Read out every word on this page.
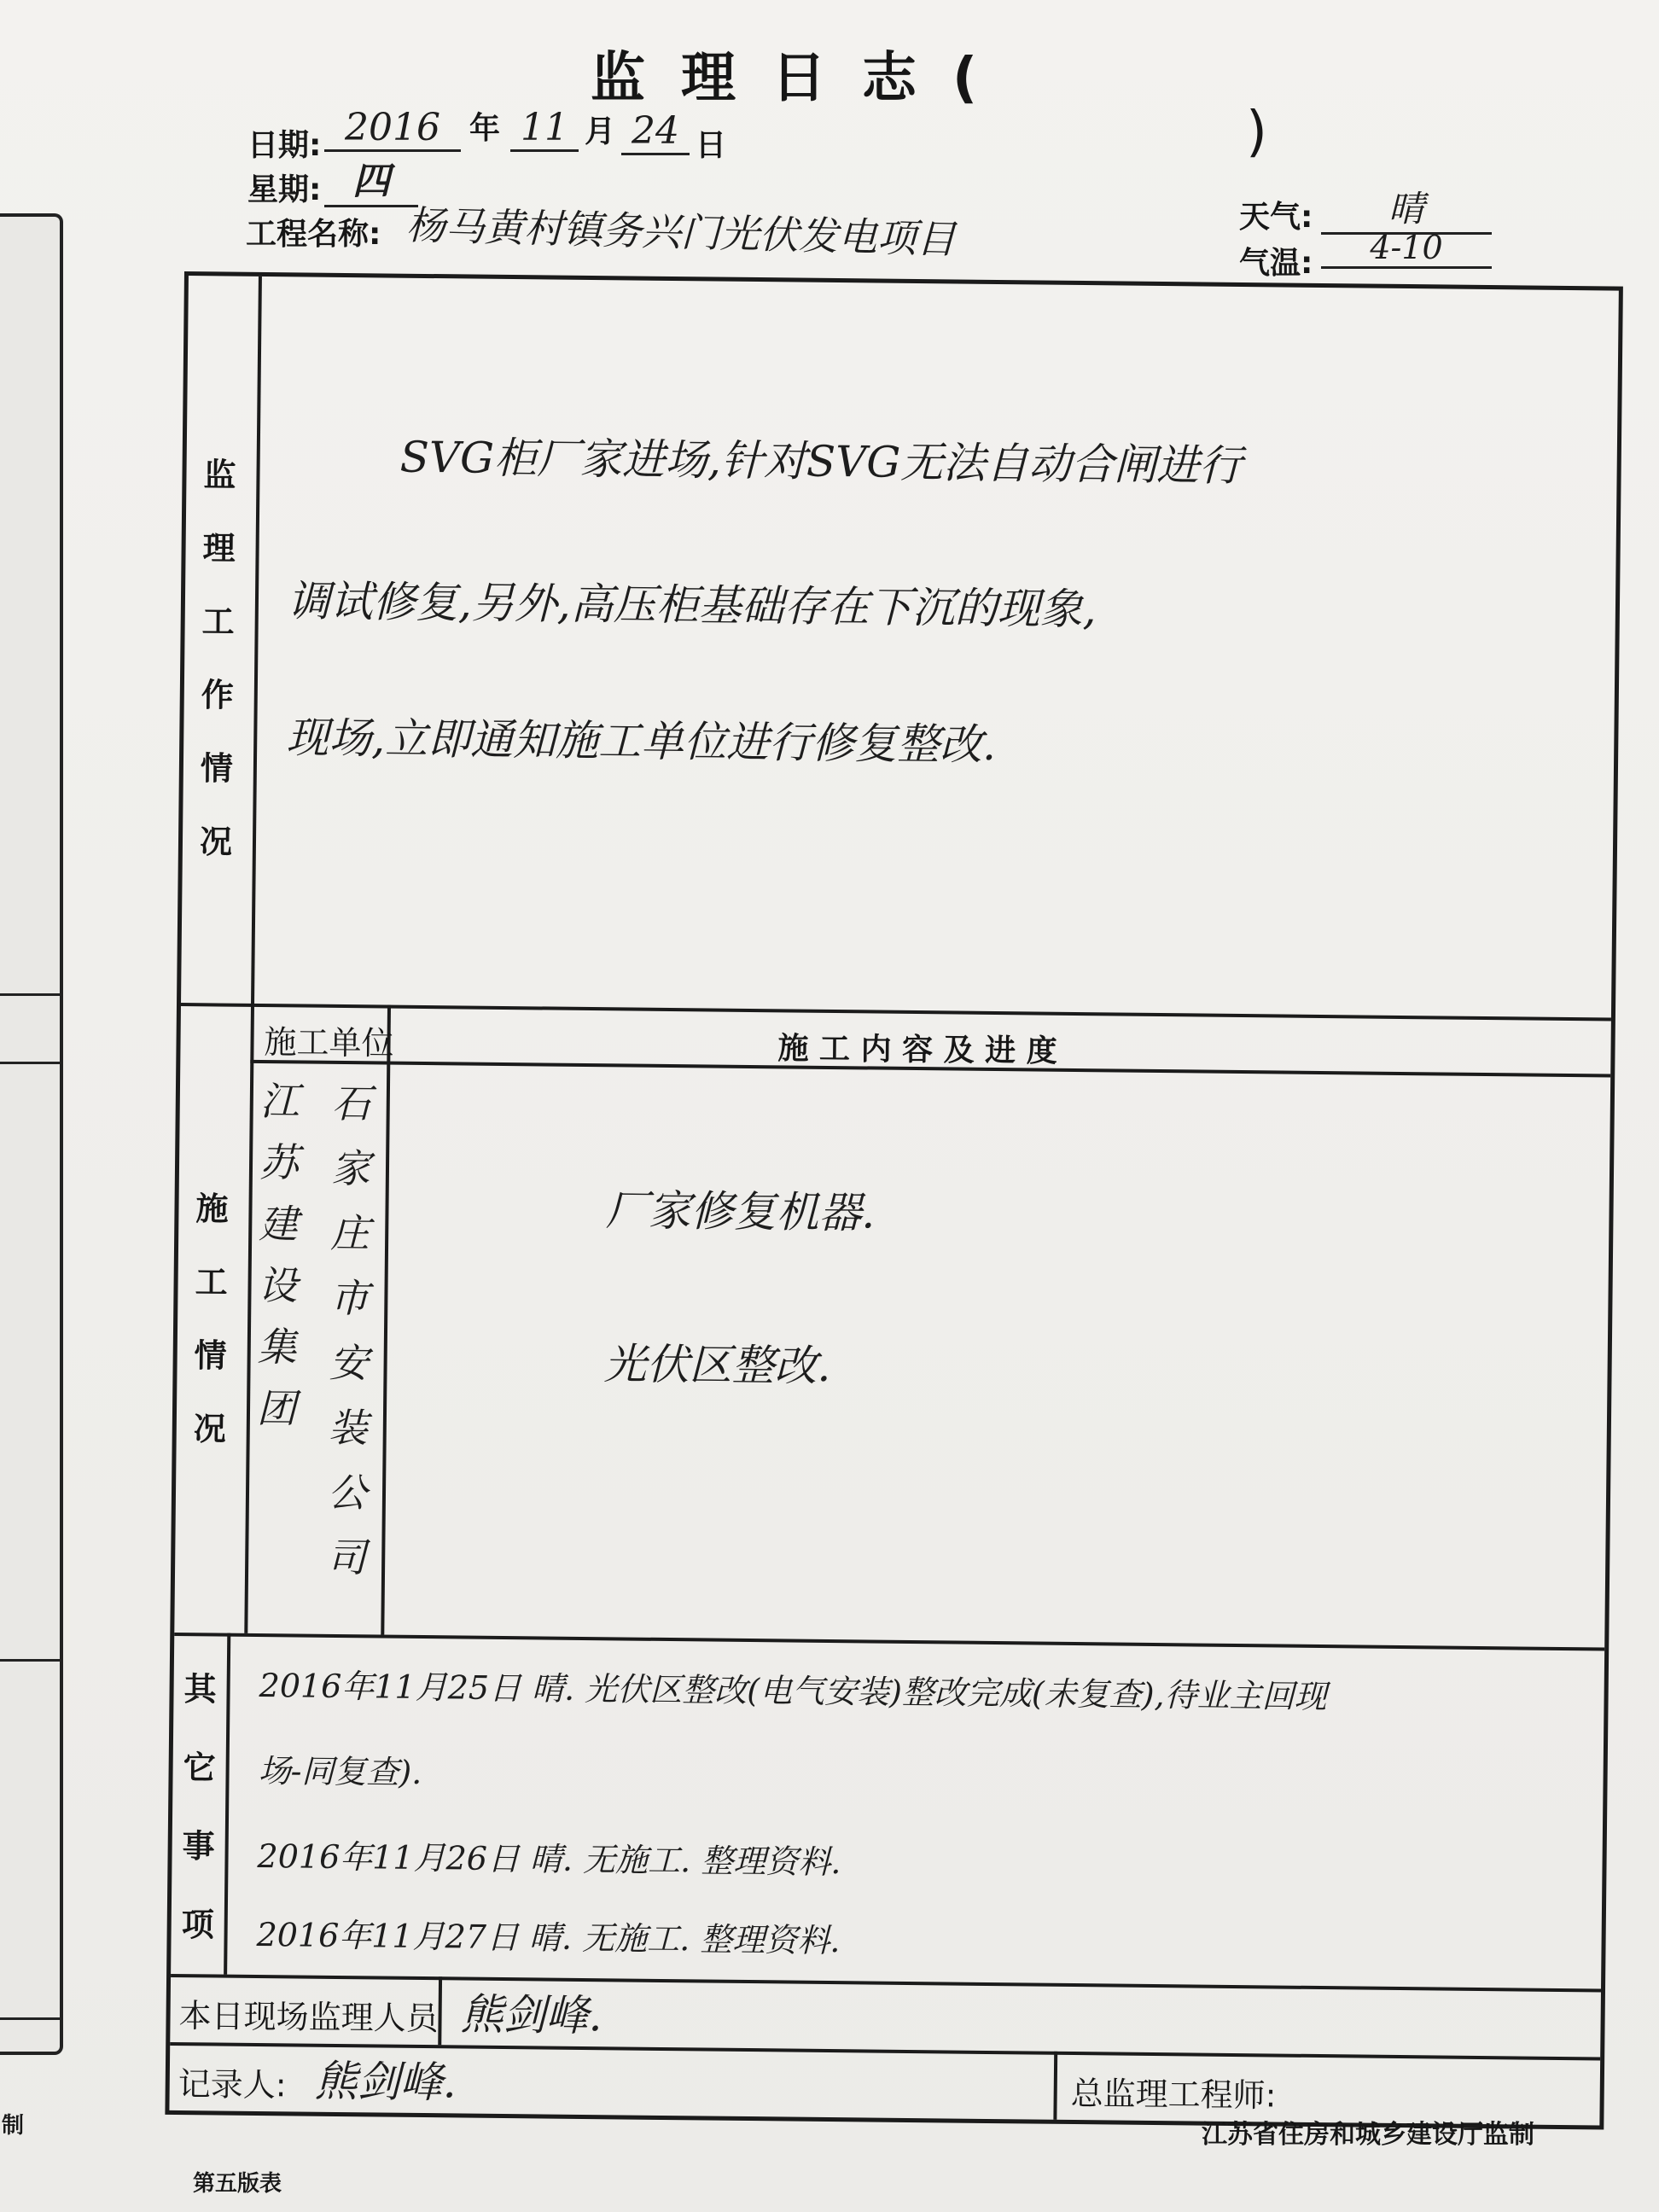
制
监理日志(
)
日期: 2016 年 11 月 24 日
星期: 四
工程名称: 杨马黄村镇务兴门光伏发电项目	天气:	晴
气温:	4-10
监
理
工
作
情
况
施
工
情
况
其
它
事
项
SVG柜厂家进场,针对SVG无法自动合闸进行
调试修复,另外,高压柜基础存在下沉的现象,
现场,立即通知施工单位进行修复整改.
施工单位	施 工 内 容 及 进 度
江
苏
建
设
集
团
石
家
庄
市
安
装
公
司
厂家修复机器.
光伏区整改.
2016年11月25日 晴. 光伏区整改(电气安装)整改完成(未复查),待业主回现
场-同复查).
2016年11月26日 晴. 无施工. 整理资料.
2016年11月27日 晴. 无施工. 整理资料.
本日现场监理人员 熊剑峰.
记录人: 熊剑峰.	总监理工程师:
第五版表
江苏省住房和城乡建设厅监制
